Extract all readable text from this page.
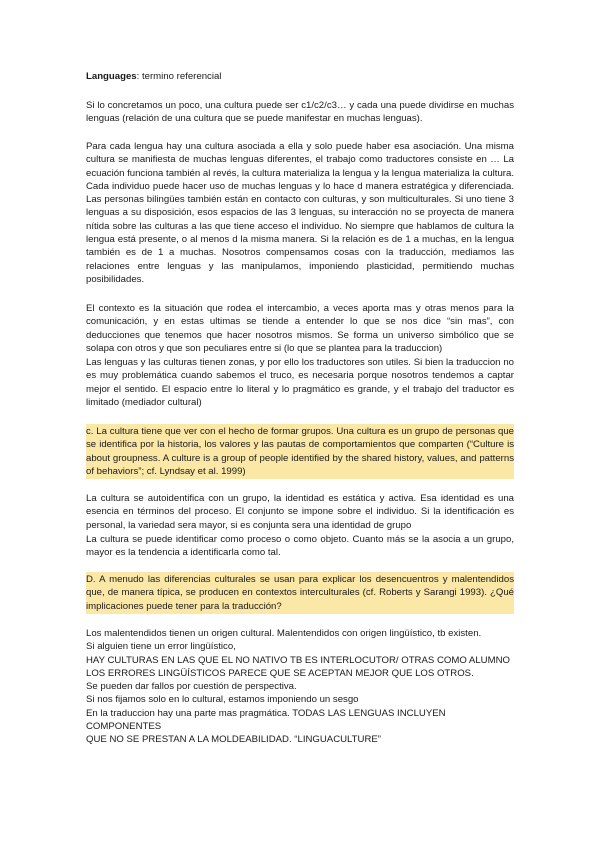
Languages: termino referencial

Si lo concretamos un poco, una cultura puede ser c1/c2/c3… y cada una puede dividirse en muchas lenguas (relación de una cultura que se puede manifestar en muchas lenguas).

Para cada lengua hay una cultura asociada a ella y solo puede haber esa asociación. Una misma cultura se manifiesta de muchas lenguas diferentes, el trabajo como traductores consiste en … La ecuación funciona también al revés, la cultura materializa la lengua y la lengua materializa la cultura. Cada individuo puede hacer uso de muchas lenguas y lo hace d manera estratégica y diferenciada. Las personas bilingües también están en contacto con culturas, y son multiculturales. Si uno tiene 3 lenguas a su disposición, esos espacios de las 3 lenguas, su interacción no se proyecta de manera nítida sobre las culturas a las que tiene acceso el individuo. No siempre que hablamos de cultura la lengua está presente, o al menos d la misma manera. Si la relación es de 1 a muchas, en la lengua también es de 1 a muchas. Nosotros compensamos cosas con la traducción, mediamos las relaciones entre lenguas y las manipulamos, imponiendo plasticidad, permitiendo muchas posibilidades.

El contexto es la situación que rodea el intercambio, a veces aporta mas y otras menos para la comunicación, y en estas ultimas se tiende a entender lo que se nos dice “sin mas”, con deducciones que tenemos que hacer nosotros mismos. Se forma un universo simbólico que se solapa con otros y que son peculiares entre si (lo que se plantea para la traduccion)

Las lenguas y las culturas tienen zonas, y por ello los traductores son utiles. Si bien la traduccion no es muy problemática cuando sabemos el truco, es necesaria porque nosotros tendemos a captar mejor el sentido. El espacio entre lo literal y lo pragmático es grande, y el trabajo del traductor es limitado (mediador cultural)

c. La cultura tiene que ver con el hecho de formar grupos. Una cultura es un grupo de personas que se identifica por la historia, los valores y las pautas de comportamientos que comparten (“Culture is about groupness. A culture is a group of people identified by the shared history, values, and patterns of behaviors”; cf. Lyndsay et al. 1999)

La cultura se autoidentifica con un grupo, la identidad es estática y activa. Esa identidad es una esencia en términos del proceso. El conjunto se impone sobre el individuo. Si la identificación es personal, la variedad sera mayor, si es conjunta sera una identidad de grupo

La cultura se puede identificar como proceso o como objeto. Cuanto más se la asocia a un grupo, mayor es la tendencia a identificarla como tal.

D. A menudo las diferencias culturales se usan para explicar los desencuentros y malentendidos que, de manera típica, se producen en contextos interculturales (cf. Roberts y Sarangi 1993). ¿Qué implicaciones puede tener para la traducción?

Los malentendidos tienen un origen cultural. Malentendidos con origen lingüístico, tb existen.

Si alguien tiene un error lingüístico,

HAY CULTURAS EN LAS QUE EL NO NATIVO TB ES INTERLOCUTOR/ OTRAS COMO ALUMNO

LOS ERRORES LINGÜÍSTICOS PARECE QUE SE ACEPTAN MEJOR QUE LOS OTROS.

Se pueden dar fallos por cuestión de perspectiva.

Si nos fijamos solo en lo cultural, estamos imponiendo un sesgo

En la traduccion hay una parte mas pragmática. TODAS LAS LENGUAS INCLUYEN COMPONENTES

QUE NO SE PRESTAN A LA MOLDEABILIDAD. “LINGUACULTURE”
